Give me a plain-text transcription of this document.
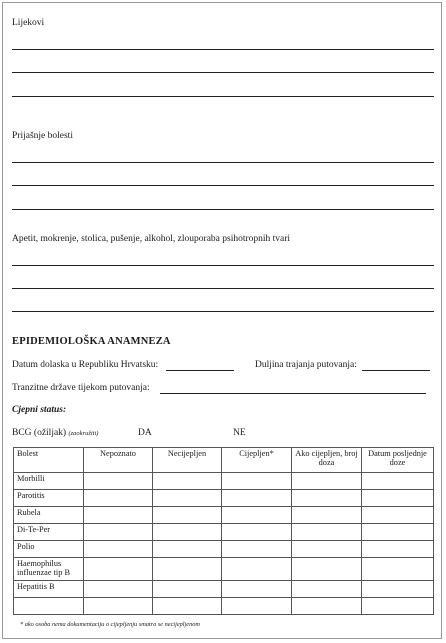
Lijekovi
Prijašnje bolesti
Apetit, mokrenje, stolica, pušenje, alkohol, zlouporaba psihotropnih tvari
EPIDEMIOLOŠKA ANAMNEZA
Datum dolaska u Republiku Hrvatsku:	Duljina trajanja putovanja:
Tranzitne države tijekom putovanja:
Cjepni status:
BCG (ožiljak) (zaokružiti)	DA	NE
Bolest	Nepoznato	Necijepljen	Cijepljen*	Ako cijepljen, broj doza	Datum posljednje doze
Morbilli					
Parotitis					
Rubela					
Di-Te-Per					
Polio					
Haemophilus influenzae tip B					
Hepatitis B					

* ako osoba nema dokumentaciju o cijepljenju smatra se necijepljenom
